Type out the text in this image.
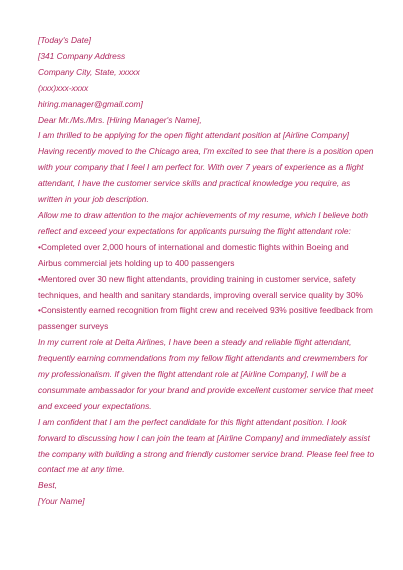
[Today's Date]
[341 Company Address
Company City, State, xxxxx
(xxx)xxx-xxxx
hiring.manager@gmail.com]
Dear Mr./Ms./Mrs. [Hiring Manager's Name],
I am thrilled to be applying for the open flight attendant position at [Airline Company]
Having recently moved to the Chicago area, I'm excited to see that there is a position open
with your company that I feel I am perfect for. With over 7 years of experience as a flight
attendant, I have the customer service skills and practical knowledge you require, as
written in your job description.
Allow me to draw attention to the major achievements of my resume, which I believe both
reflect and exceed your expectations for applicants pursuing the flight attendant role:
•Completed over 2,000 hours of international and domestic flights within Boeing and
Airbus commercial jets holding up to 400 passengers
•Mentored over 30 new flight attendants, providing training in customer service, safety
techniques, and health and sanitary standards, improving overall service quality by 30%
•Consistently earned recognition from flight crew and received 93% positive feedback from
passenger surveys
In my current role at Delta Airlines, I have been a steady and reliable flight attendant,
frequently earning commendations from my fellow flight attendants and crewmembers for
my professionalism. If given the flight attendant role at [Airline Company], I will be a
consummate ambassador for your brand and provide excellent customer service that meet
and exceed your expectations.
I am confident that I am the perfect candidate for this flight attendant position. I look
forward to discussing how I can join the team at [Airline Company] and immediately assist
the company with building a strong and friendly customer service brand. Please feel free to
contact me at any time.
Best,
[Your Name]
